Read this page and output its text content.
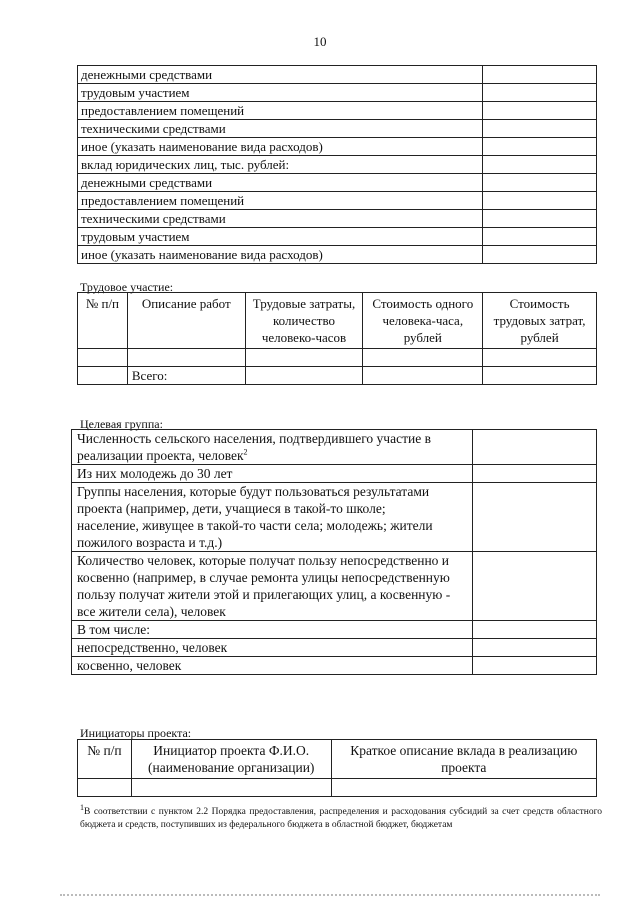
10
денежными средствами	
трудовым участием	
предоставлением помещений	
техническими средствами	
иное (указать наименование вида расходов)	
вклад юридических лиц, тыс. рублей:	
денежными средствами	
предоставлением помещений	
техническими средствами	
трудовым участием	
иное (указать наименование вида расходов)	
Трудовое участие:
№ п/п	Описание работ	Трудовые затраты, количество человеко-часов	Стоимость одного человека-часа, рублей	Стоимость трудовых затрат, рублей

	Всего:			
Целевая группа:
Численность сельского населения, подтвердившего участие в реализации проекта, человек$^2$	
Из них молодежь до 30 лет	

Группы населения, которые будут пользоваться результатами проекта (например, дети, учащиеся в такой-то школе;
население, живущее в такой-то части села; молодежь; жители пожилого возраста и т.д.)	

Количество человек, которые получат пользу непосредственно и косвенно (например, в случае ремонта улицы непосредственную пользу получат жители этой и прилегающих улиц, а косвенную - все жители села), человек	
В том числе:	
непосредственно, человек	
косвенно, человек	
Инициаторы проекта:
№ п/п	Инициатор проекта Ф.И.О. (наименование организации)	Краткое описание вклада в реализацию проекта

$^1$В соответствии с пунктом 2.2 Порядка предоставления, распределения и расходования субсидий за счет средств областного бюджета и средств, поступивших из федерального бюджета в областной бюджет, бюджетам
